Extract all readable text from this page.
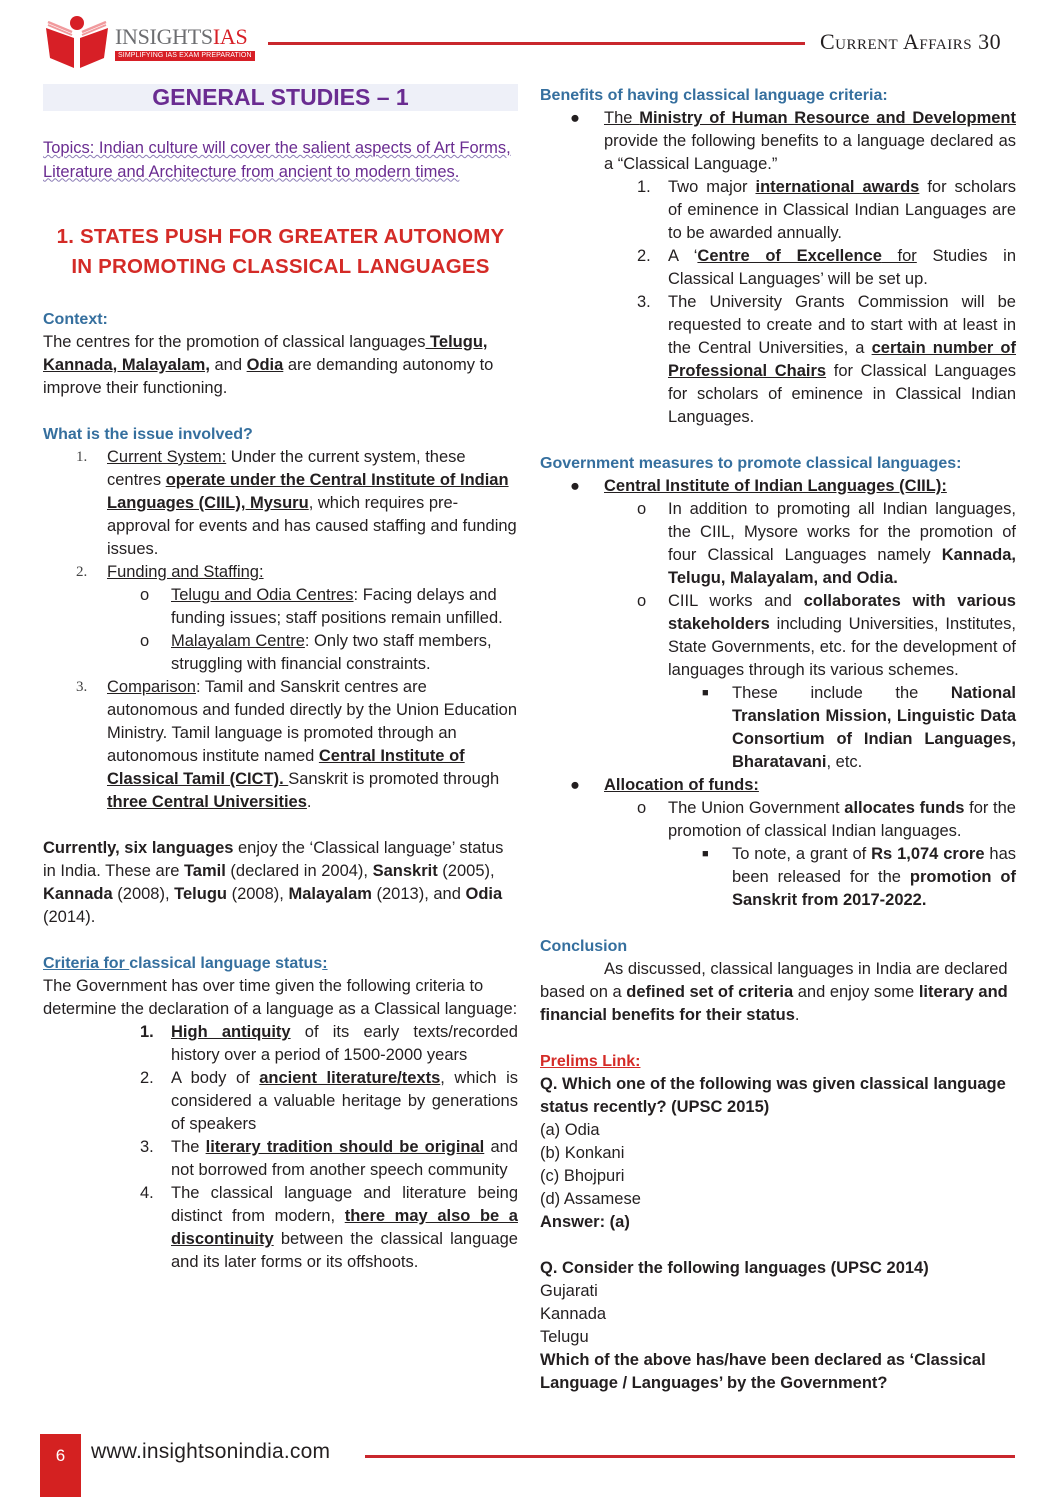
INSIGHTSIAS
SIMPLIFYING IAS EXAM PREPARATION
Current Affairs 30
GENERAL STUDIES – 1
Topics: Indian culture will cover the salient aspects of Art Forms, Literature and Architecture from ancient to modern times.
1. STATES PUSH FOR GREATER AUTONOMY
IN PROMOTING CLASSICAL LANGUAGES
Context:
The centres for the promotion of classical languages Telugu, Kannada, Malayalam, and Odia are demanding autonomy to improve their functioning.
What is the issue involved?
1. Current System: Under the current system, these centres operate under the Central Institute of Indian Languages (CIIL), Mysuru, which requires pre-approval for events and has caused staffing and funding issues.
2. Funding and Staffing:
o Telugu and Odia Centres: Facing delays and funding issues; staff positions remain unfilled.
o Malayalam Centre: Only two staff members, struggling with financial constraints.
3. Comparison: Tamil and Sanskrit centres are autonomous and funded directly by the Union Education Ministry. Tamil language is promoted through an autonomous institute named Central Institute of Classical Tamil (CICT). Sanskrit is promoted through three Central Universities.
Currently, six languages enjoy the ‘Classical language’ status in India. These are Tamil (declared in 2004), Sanskrit (2005), Kannada (2008), Telugu (2008), Malayalam (2013), and Odia (2014).
Criteria for classical language status:
The Government has over time given the following criteria to determine the declaration of a language as a Classical language:
1. High antiquity of its early texts/recorded history over a period of 1500-2000 years
2. A body of ancient literature/texts, which is considered a valuable heritage by generations of speakers
3. The literary tradition should be original and not borrowed from another speech community
4. The classical language and literature being distinct from modern, there may also be a discontinuity between the classical language and its later forms or its offshoots.
Benefits of having classical language criteria:
● The Ministry of Human Resource and Development provide the following benefits to a language declared as a “Classical Language.”
1. Two major international awards for scholars of eminence in Classical Indian Languages are to be awarded annually.
2. A ‘Centre of Excellence for Studies in Classical Languages’ will be set up.
3. The University Grants Commission will be requested to create and to start with at least in the Central Universities, a certain number of Professional Chairs for Classical Languages for scholars of eminence in Classical Indian Languages.
Government measures to promote classical languages:
● Central Institute of Indian Languages (CIIL):
o In addition to promoting all Indian languages, the CIIL, Mysore works for the promotion of four Classical Languages namely Kannada, Telugu, Malayalam, and Odia.
o CIIL works and collaborates with various stakeholders including Universities, Institutes, State Governments, etc. for the development of languages through its various schemes.
■ These include the National Translation Mission, Linguistic Data Consortium of Indian Languages, Bharatavani, etc.
● Allocation of funds:
o The Union Government allocates funds for the promotion of classical Indian languages.
■ To note, a grant of Rs 1,074 crore has been released for the promotion of Sanskrit from 2017-2022.
Conclusion
As discussed, classical languages in India are declared based on a defined set of criteria and enjoy some literary and financial benefits for their status.
Prelims Link:
Q. Which one of the following was given classical language status recently? (UPSC 2015)
(a) Odia
(b) Konkani
(c) Bhojpuri
(d) Assamese
Answer: (a)
Q. Consider the following languages (UPSC 2014)
Gujarati
Kannada
Telugu
Which of the above has/have been declared as ‘Classical Language / Languages’ by the Government?
6	www.insightsonindia.com
